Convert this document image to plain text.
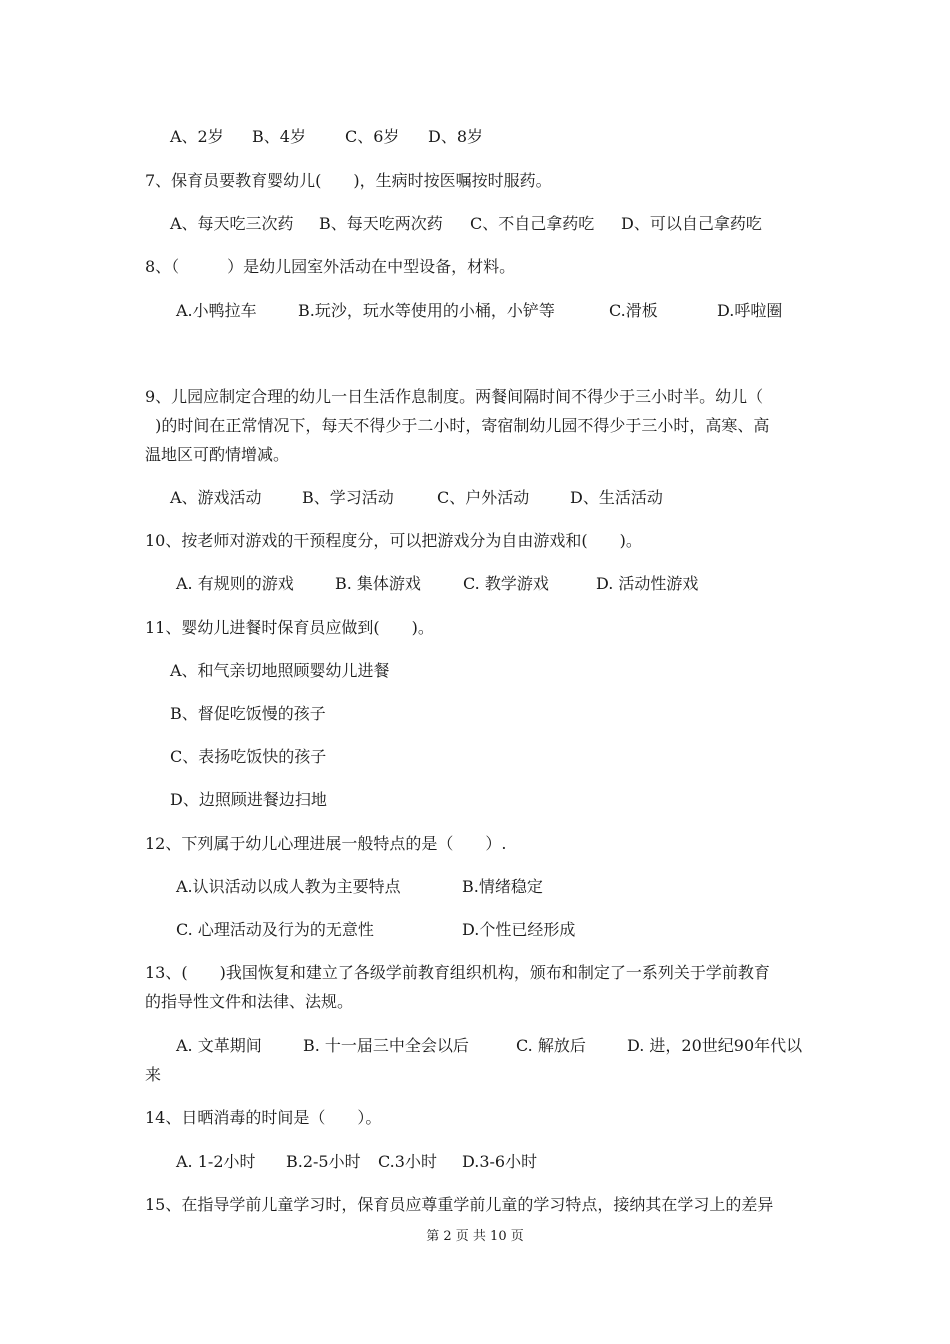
A、2岁 B、4岁 C、6岁 D、8岁
7、保育员要教育婴幼儿(　　)，生病时按医嘱按时服药。
A、每天吃三次药 B、每天吃两次药 C、不自己拿药吃 D、可以自己拿药吃
8、（　　　）是幼儿园室外活动在中型设备，材料。
A.小鸭拉车	B.玩沙，玩水等使用的小桶，小铲等	C.滑板	D.呼啦圈
9、儿园应制定合理的幼儿一日生活作息制度。两餐间隔时间不得少于三小时半。幼儿（
)的时间在正常情况下，每天不得少于二小时，寄宿制幼儿园不得少于三小时，高寒、高
温地区可酌情增减。
A、游戏活动	B、学习活动	C、户外活动	D、生活活动
10、按老师对游戏的干预程度分，可以把游戏分为自由游戏和(　　)。
A. 有规则的游戏	B. 集体游戏	C. 教学游戏	D. 活动性游戏
11、婴幼儿进餐时保育员应做到(　　)。
A、和气亲切地照顾婴幼儿进餐
B、督促吃饭慢的孩子
C、表扬吃饭快的孩子
D、边照顾进餐边扫地
12、下列属于幼儿心理进展一般特点的是（　　）.
A.认识活动以成人教为主要特点	B.情绪稳定
C. 心理活动及行为的无意性	D.个性已经形成
13、(　　)我国恢复和建立了各级学前教育组织机构，颁布和制定了一系列关于学前教育
的指导性文件和法律、法规。
A. 文革期间	B. 十一届三中全会以后	C. 解放后	D. 进，20世纪90年代以
来
14、日晒消毒的时间是（　　）。
A. 1-2小时 B.2-5小时 C.3小时 D.3-6小时
15、在指导学前儿童学习时，保育员应尊重学前儿童的学习特点，接纳其在学习上的差异
第 2 页 共 10 页
